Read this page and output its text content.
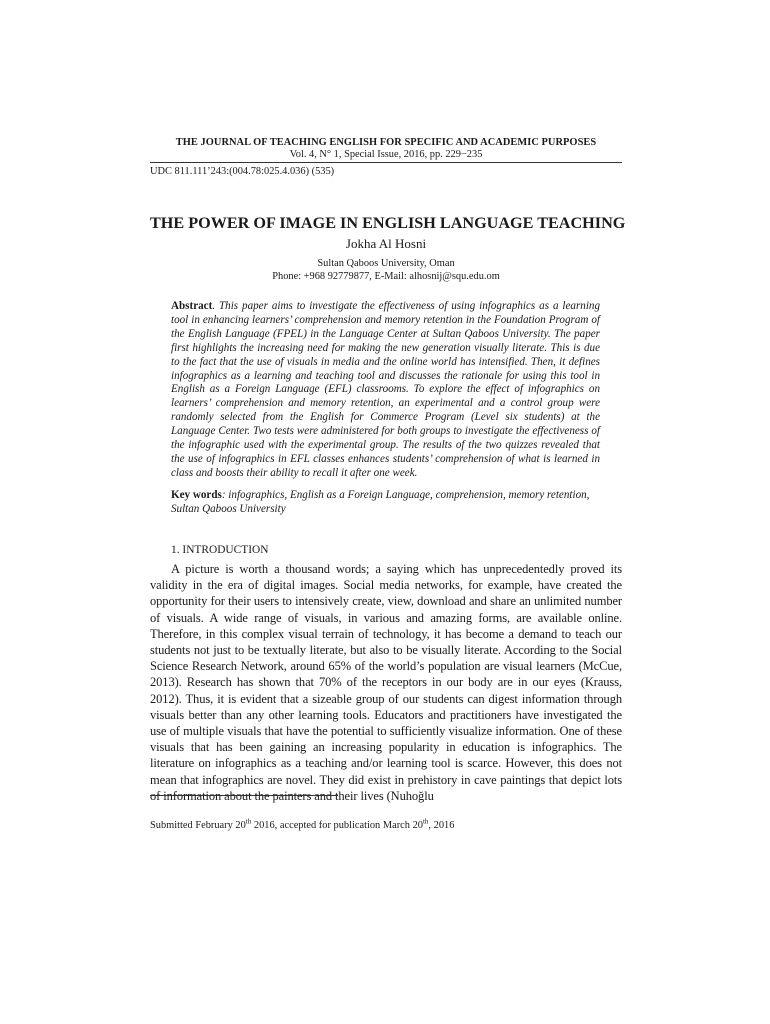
THE JOURNAL OF TEACHING ENGLISH FOR SPECIFIC AND ACADEMIC PURPOSES
Vol. 4, N° 1, Special Issue, 2016, pp. 229−235
UDC 811.111’243:(004.78:025.4.036) (535)
THE POWER OF IMAGE IN ENGLISH LANGUAGE TEACHING
Jokha Al Hosni
Sultan Qaboos University, Oman
Phone: +968 92779877, E-Mail: alhosnij@squ.edu.om
Abstract. This paper aims to investigate the effectiveness of using infographics as a learning tool in enhancing learners’ comprehension and memory retention in the Foundation Program of the English Language (FPEL) in the Language Center at Sultan Qaboos University. The paper first highlights the increasing need for making the new generation visually literate. This is due to the fact that the use of visuals in media and the online world has intensified. Then, it defines infographics as a learning and teaching tool and discusses the rationale for using this tool in English as a Foreign Language (EFL) classrooms. To explore the effect of infographics on learners’ comprehension and memory retention, an experimental and a control group were randomly selected from the English for Commerce Program (Level six students) at the Language Center. Two tests were administered for both groups to investigate the effectiveness of the infographic used with the experimental group. The results of the two quizzes revealed that the use of infographics in EFL classes enhances students’ comprehension of what is learned in class and boosts their ability to recall it after one week.
Key words: infographics, English as a Foreign Language, comprehension, memory retention, Sultan Qaboos University
1. INTRODUCTION

A picture is worth a thousand words; a saying which has unprecedentedly proved its validity in the era of digital images. Social media networks, for example, have created the opportunity for their users to intensively create, view, download and share an unlimited number of visuals. A wide range of visuals, in various and amazing forms, are available online. Therefore, in this complex visual terrain of technology, it has become a demand to teach our students not just to be textually literate, but also to be visually literate. According to the Social Science Research Network, around 65% of the world’s population are visual learners (McCue, 2013). Research has shown that 70% of the receptors in our body are in our eyes (Krauss, 2012). Thus, it is evident that a sizeable group of our students can digest information through visuals better than any other learning tools. Educators and practitioners have investigated the use of multiple visuals that have the potential to sufficiently visualize information. One of these visuals that has been gaining an increasing popularity in education is infographics. The literature on infographics as a teaching and/or learning tool is scarce. However, this does not mean that infographics are novel. They did exist in prehistory in cave paintings that depict lots of information about the painters and their lives (Nuhoğlu

Submitted February 20th 2016, accepted for publication March 20th, 2016
